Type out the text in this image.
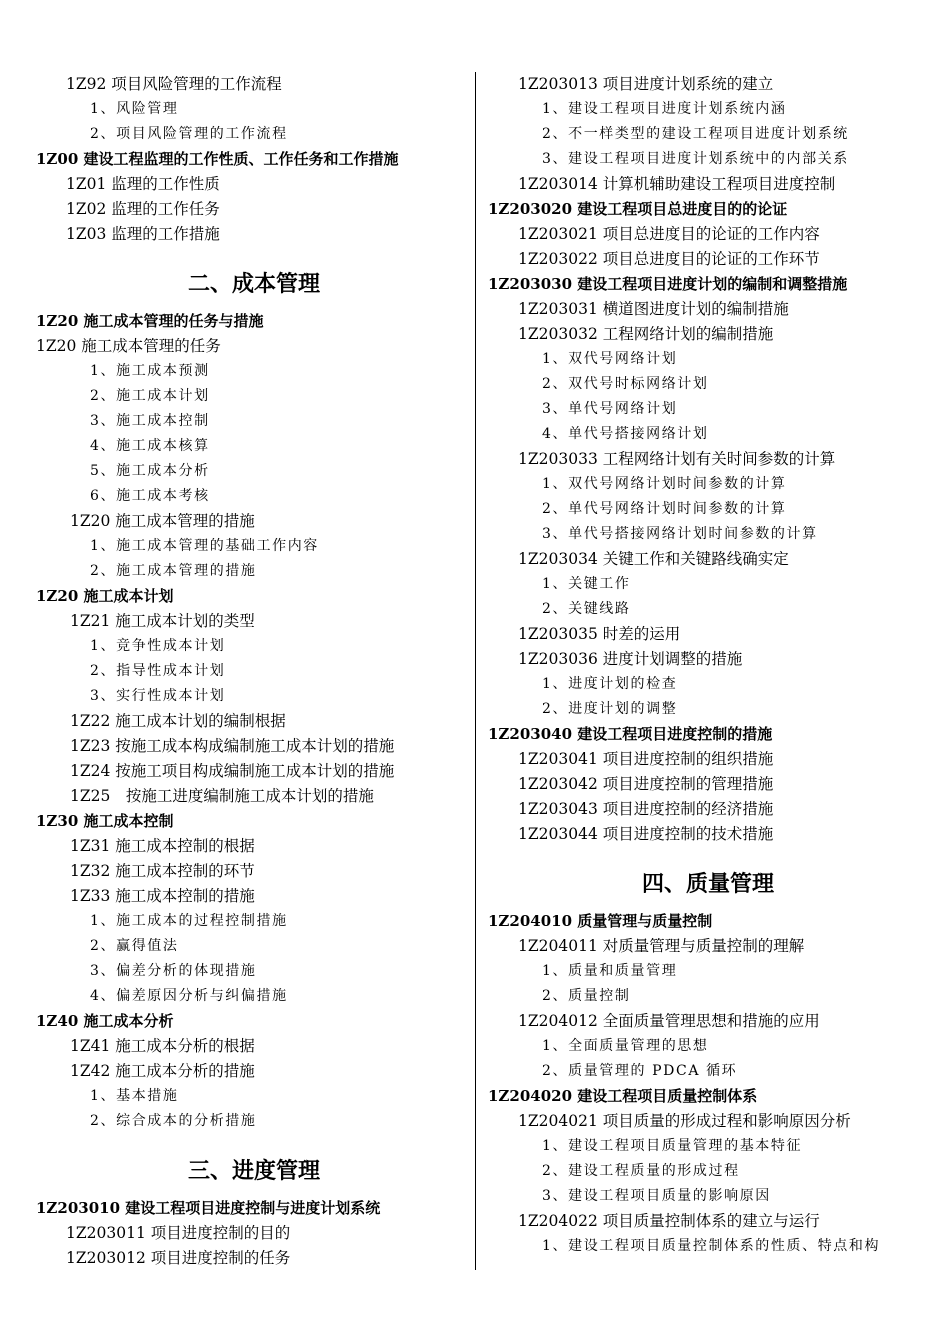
1Z92 项目风险管理的工作流程
1、风险管理
2、项目风险管理的工作流程
1Z00 建设工程监理的工作性质、工作任务和工作措施
1Z01 监理的工作性质
1Z02 监理的工作任务
1Z03 监理的工作措施
二、成本管理
1Z20 施工成本管理的任务与措施
1Z20 施工成本管理的任务
1、施工成本预测
2、施工成本计划
3、施工成本控制
4、施工成本核算
5、施工成本分析
6、施工成本考核
1Z20 施工成本管理的措施
1、施工成本管理的基础工作内容
2、施工成本管理的措施
1Z20 施工成本计划
1Z21 施工成本计划的类型
1、竞争性成本计划
2、指导性成本计划
3、实行性成本计划
1Z22 施工成本计划的编制根据
1Z23 按施工成本构成编制施工成本计划的措施
1Z24 按施工项目构成编制施工成本计划的措施
1Z25　按施工进度编制施工成本计划的措施
1Z30 施工成本控制
1Z31 施工成本控制的根据
1Z32 施工成本控制的环节
1Z33 施工成本控制的措施
1、施工成本的过程控制措施
2、赢得值法
3、偏差分析的体现措施
4、偏差原因分析与纠偏措施
1Z40 施工成本分析
1Z41 施工成本分析的根据
1Z42 施工成本分析的措施
1、基本措施
2、综合成本的分析措施
三、进度管理
1Z203010 建设工程项目进度控制与进度计划系统
1Z203011 项目进度控制的目的
1Z203012 项目进度控制的任务
1Z203013 项目进度计划系统的建立
1、建设工程项目进度计划系统内涵
2、不一样类型的建设工程项目进度计划系统
3、建设工程项目进度计划系统中的内部关系
1Z203014 计算机辅助建设工程项目进度控制
1Z203020 建设工程项目总进度目的的论证
1Z203021 项目总进度目的论证的工作内容
1Z203022 项目总进度目的论证的工作环节
1Z203030 建设工程项目进度计划的编制和调整措施
1Z203031 横道图进度计划的编制措施
1Z203032 工程网络计划的编制措施
1、双代号网络计划
2、双代号时标网络计划
3、单代号网络计划
4、单代号搭接网络计划
1Z203033 工程网络计划有关时间参数的计算
1、双代号网络计划时间参数的计算
2、单代号网络计划时间参数的计算
3、单代号搭接网络计划时间参数的计算
1Z203034 关键工作和关键路线确实定
1、关键工作
2、关键线路
1Z203035 时差的运用
1Z203036 进度计划调整的措施
1、进度计划的检查
2、进度计划的调整
1Z203040 建设工程项目进度控制的措施
1Z203041 项目进度控制的组织措施
1Z203042 项目进度控制的管理措施
1Z203043 项目进度控制的经济措施
1Z203044 项目进度控制的技术措施
四、质量管理
1Z204010 质量管理与质量控制
1Z204011 对质量管理与质量控制的理解
1、质量和质量管理
2、质量控制
1Z204012 全面质量管理思想和措施的应用
1、全面质量管理的思想
2、质量管理的 PDCA 循环
1Z204020 建设工程项目质量控制体系
1Z204021 项目质量的形成过程和影响原因分析
1、建设工程项目质量管理的基本特征
2、建设工程质量的形成过程
3、建设工程项目质量的影响原因
1Z204022 项目质量控制体系的建立与运行
1、建设工程项目质量控制体系的性质、特点和构
